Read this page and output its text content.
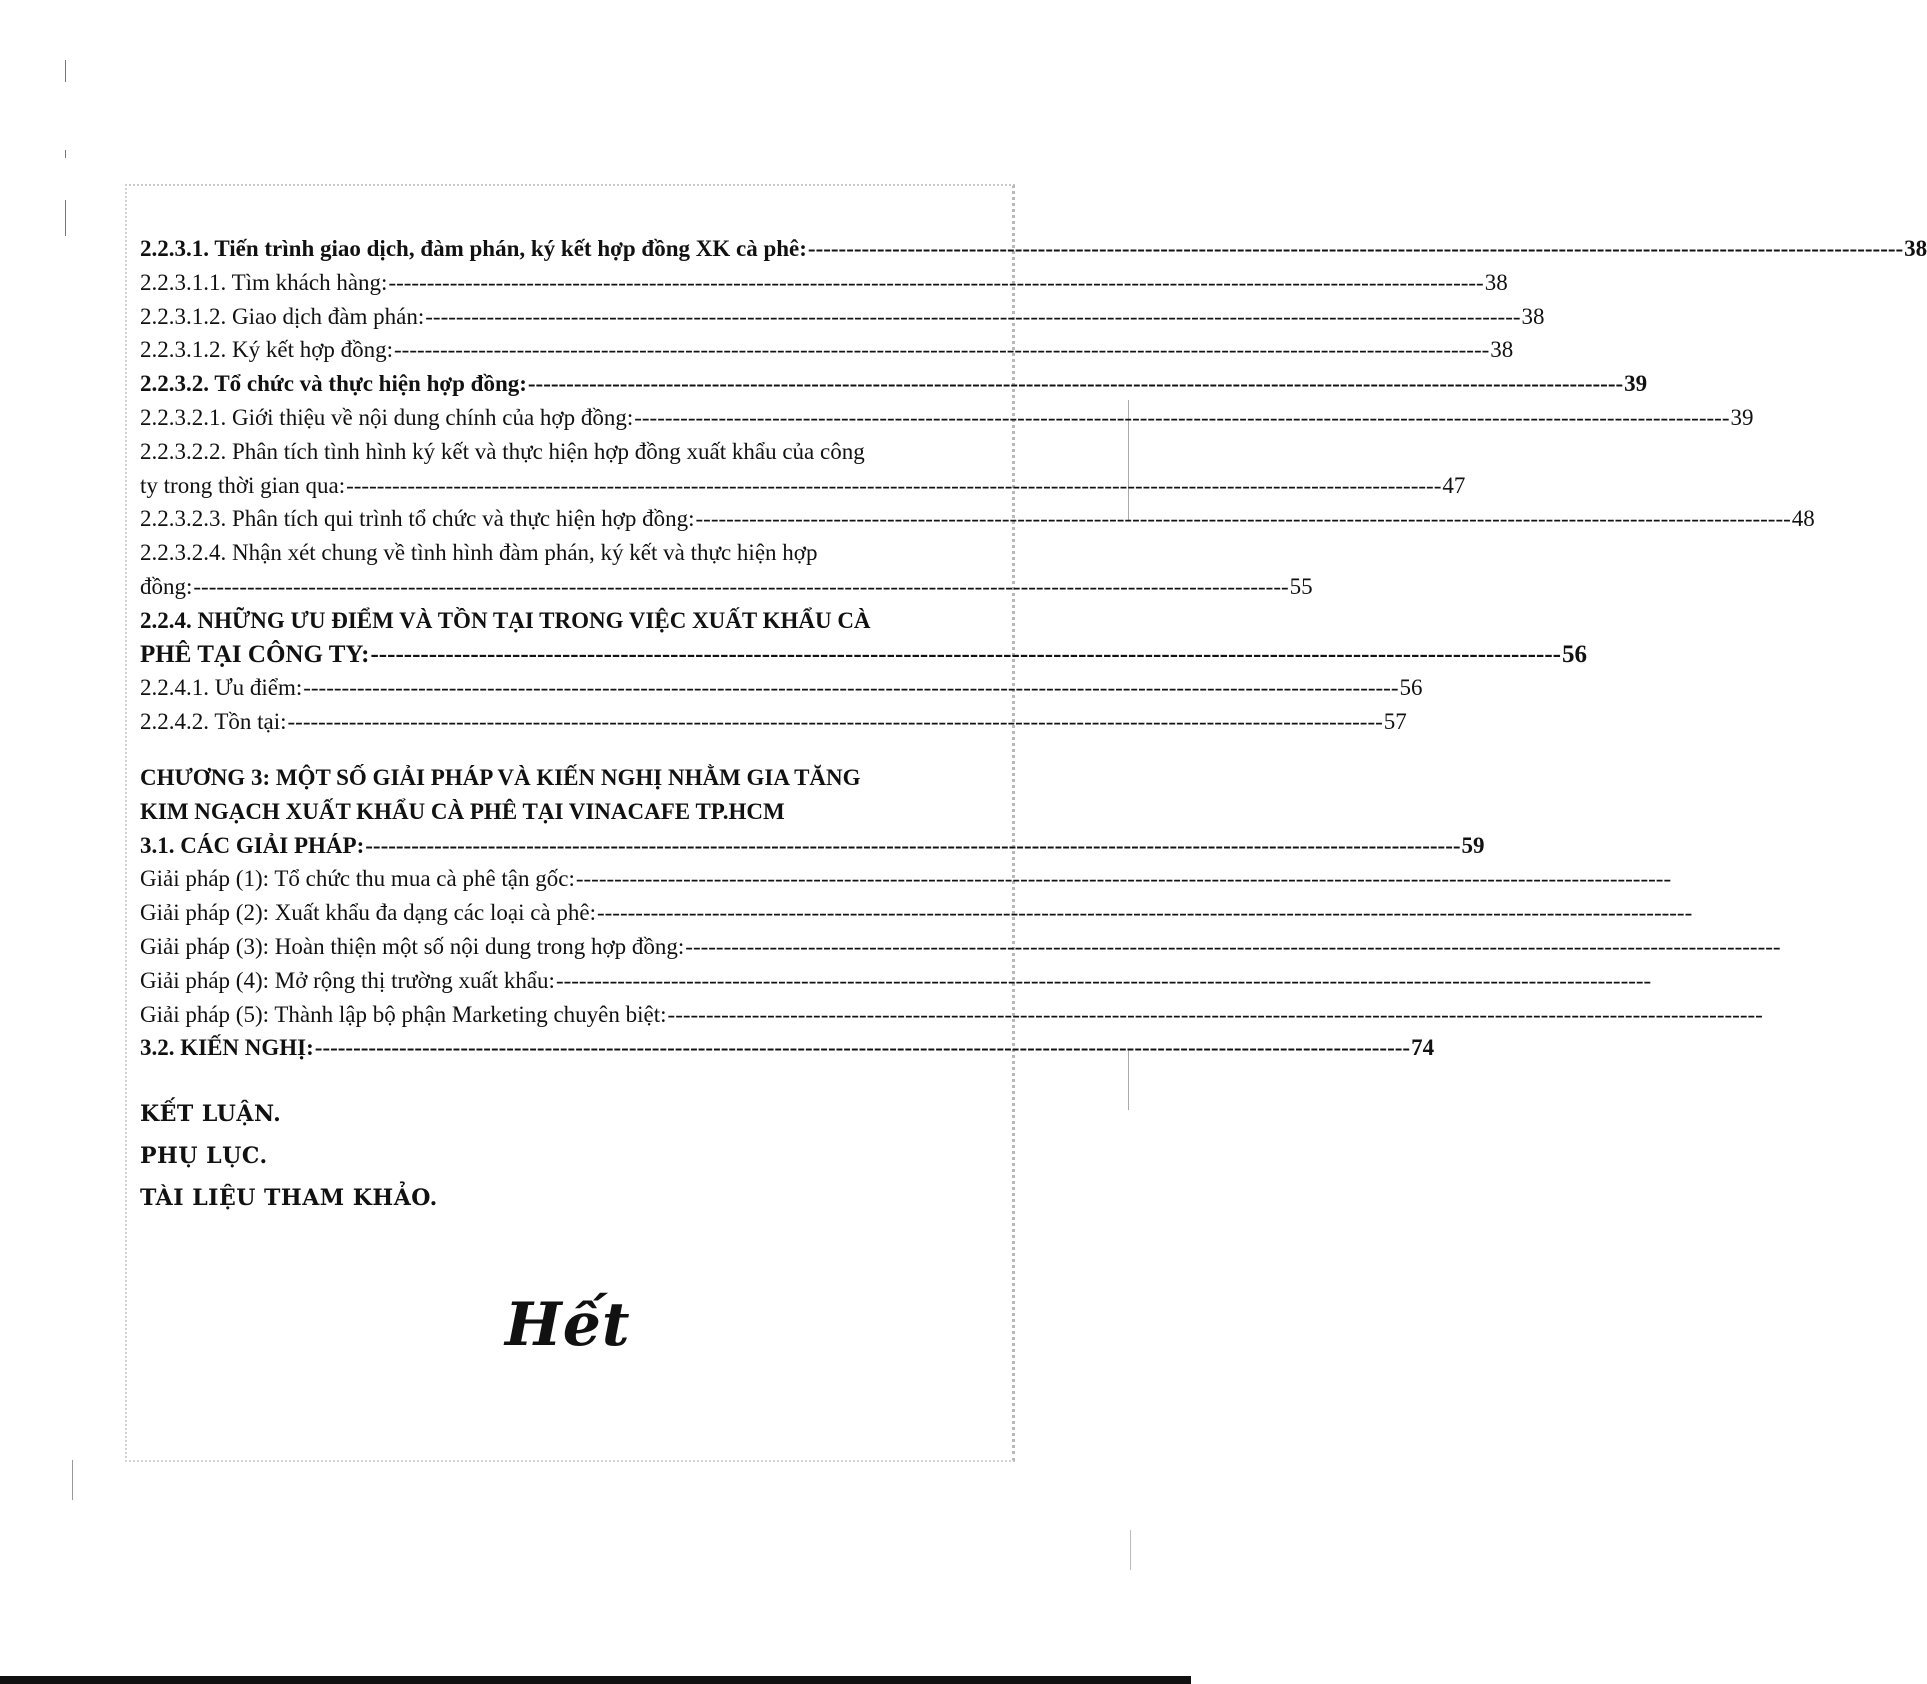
2.2.3.1. Tiến trình giao dịch, đàm phán, ký kết hợp đồng XK cà phê: ----------------------------------------------------------------------------------------------------------------------------------------------- 38
2.2.3.1.1. Tìm khách hàng: ----------------------------------------------------------------------------------------------------------------------------------------------- 38
2.2.3.1.2. Giao dịch đàm phán: ----------------------------------------------------------------------------------------------------------------------------------------------- 38
2.2.3.1.2. Ký kết hợp đồng: ----------------------------------------------------------------------------------------------------------------------------------------------- 38
2.2.3.2. Tổ chức và thực hiện hợp đồng: ----------------------------------------------------------------------------------------------------------------------------------------------- 39
2.2.3.2.1. Giới thiệu về nội dung chính của hợp đồng: ----------------------------------------------------------------------------------------------------------------------------------------------- 39
2.2.3.2.2. Phân tích tình hình ký kết và thực hiện hợp đồng xuất khẩu của công
ty trong thời gian qua: ----------------------------------------------------------------------------------------------------------------------------------------------- 47
2.2.3.2.3. Phân tích qui trình tổ chức và thực hiện hợp đồng: ----------------------------------------------------------------------------------------------------------------------------------------------- 48
2.2.3.2.4. Nhận xét chung về tình hình đàm phán, ký kết và thực hiện hợp
đồng: ----------------------------------------------------------------------------------------------------------------------------------------------- 55
2.2.4. NHỮNG ƯU ĐIỂM VÀ TỒN TẠI TRONG VIỆC XUẤT KHẨU CÀ
PHÊ TẠI CÔNG TY: ----------------------------------------------------------------------------------------------------------------------------------------------- 56
2.2.4.1. Ưu điểm: ----------------------------------------------------------------------------------------------------------------------------------------------- 56
2.2.4.2. Tồn tại: ----------------------------------------------------------------------------------------------------------------------------------------------- 57
CHƯƠNG 3: MỘT SỐ GIẢI PHÁP VÀ KIẾN NGHỊ NHẰM GIA TĂNG
KIM NGẠCH XUẤT KHẨU CÀ PHÊ TẠI VINACAFE TP.HCM
3.1. CÁC GIẢI PHÁP: ----------------------------------------------------------------------------------------------------------------------------------------------- 59
Giải pháp (1): Tổ chức thu mua cà phê tận gốc: -----------------------------------------------------------------------------------------------------------------------------------------------
Giải pháp (2): Xuất khẩu đa dạng các loại cà phê: -----------------------------------------------------------------------------------------------------------------------------------------------
Giải pháp (3): Hoàn thiện một số nội dung trong hợp đồng: -----------------------------------------------------------------------------------------------------------------------------------------------
Giải pháp (4): Mở rộng thị trường xuất khẩu: -----------------------------------------------------------------------------------------------------------------------------------------------
Giải pháp (5): Thành lập bộ phận Marketing chuyên biệt: -----------------------------------------------------------------------------------------------------------------------------------------------
3.2. KIẾN NGHỊ: ----------------------------------------------------------------------------------------------------------------------------------------------- 74
KẾT LUẬN.
PHỤ LỤC.
TÀI LIỆU THAM KHẢO.
Hết
